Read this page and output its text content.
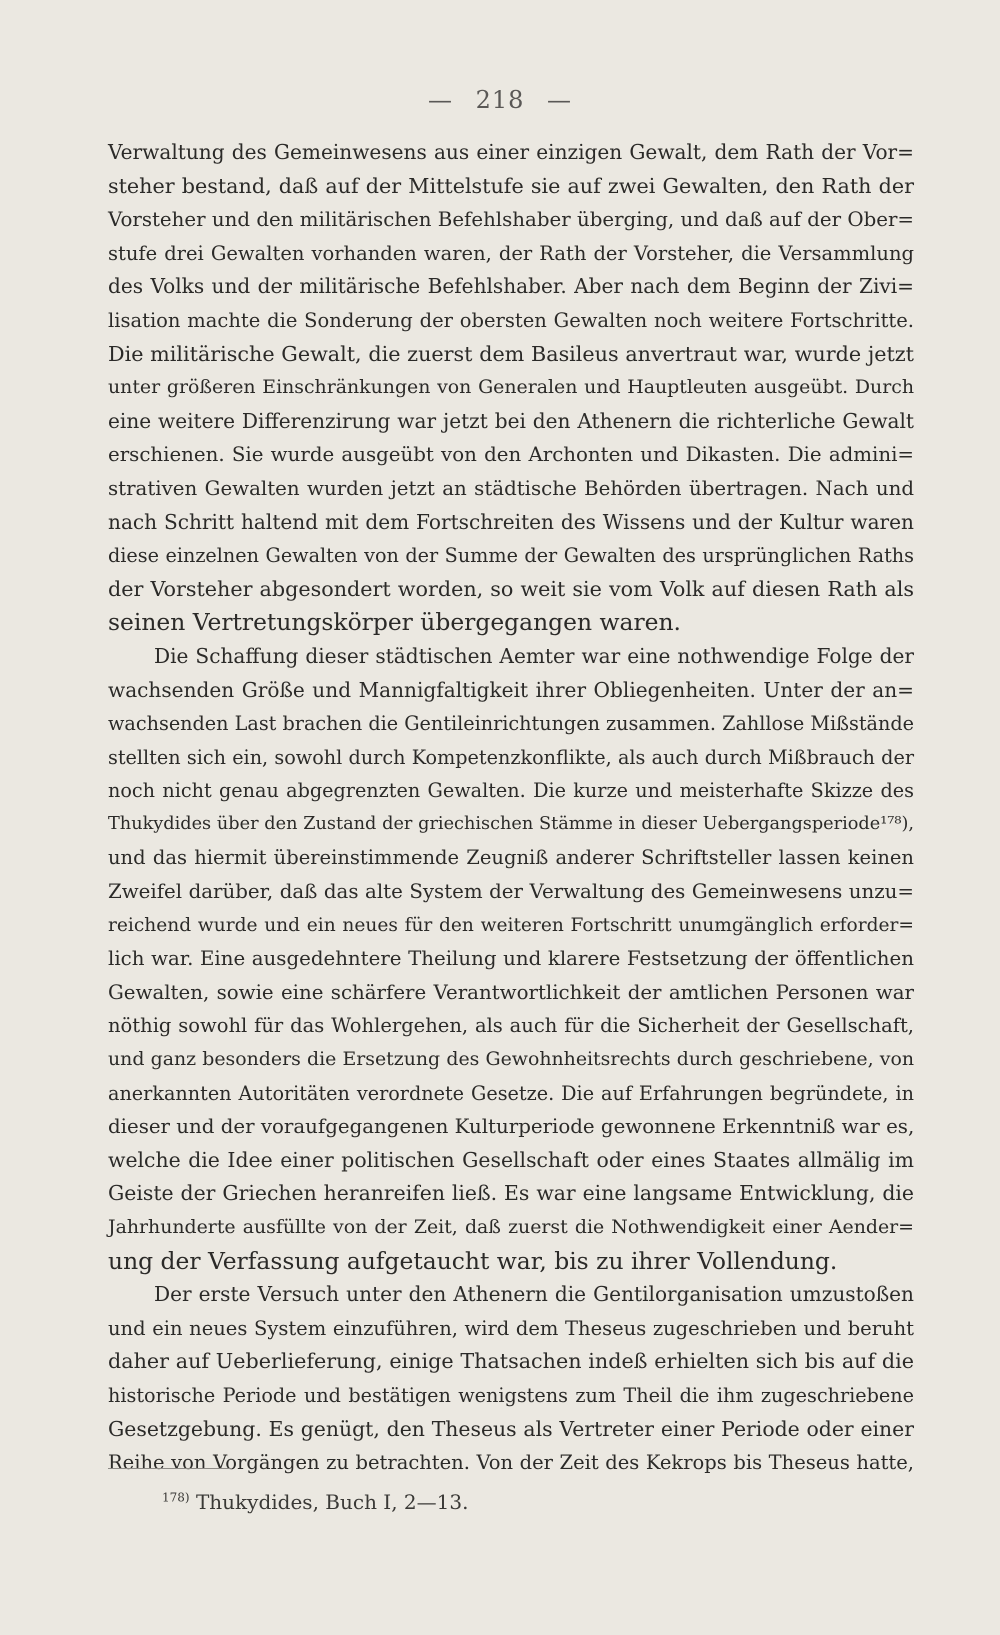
— 218 —
Verwaltung des Gemeinwesens aus einer einzigen Gewalt, dem Rath der Vor=
steher bestand, daß auf der Mittelstufe sie auf zwei Gewalten, den Rath der
Vorsteher und den militärischen Befehlshaber überging, und daß auf der Ober=
stufe drei Gewalten vorhanden waren, der Rath der Vorsteher, die Versammlung
des Volks und der militärische Befehlshaber. Aber nach dem Beginn der Zivi=
lisation machte die Sonderung der obersten Gewalten noch weitere Fortschritte.
Die militärische Gewalt, die zuerst dem Basileus anvertraut war, wurde jetzt
unter größeren Einschränkungen von Generalen und Hauptleuten ausgeübt. Durch
eine weitere Differenzirung war jetzt bei den Athenern die richterliche Gewalt
erschienen. Sie wurde ausgeübt von den Archonten und Dikasten. Die admini=
strativen Gewalten wurden jetzt an städtische Behörden übertragen. Nach und
nach Schritt haltend mit dem Fortschreiten des Wissens und der Kultur waren
diese einzelnen Gewalten von der Summe der Gewalten des ursprünglichen Raths
der Vorsteher abgesondert worden, so weit sie vom Volk auf diesen Rath als
seinen Vertretungskörper übergegangen waren.
Die Schaffung dieser städtischen Aemter war eine nothwendige Folge der
wachsenden Größe und Mannigfaltigkeit ihrer Obliegenheiten. Unter der an=
wachsenden Last brachen die Gentileinrichtungen zusammen. Zahllose Mißstände
stellten sich ein, sowohl durch Kompetenzkonflikte, als auch durch Mißbrauch der
noch nicht genau abgegrenzten Gewalten. Die kurze und meisterhafte Skizze des
Thukydides über den Zustand der griechischen Stämme in dieser Uebergangsperiode¹⁷⁸),
und das hiermit übereinstimmende Zeugniß anderer Schriftsteller lassen keinen
Zweifel darüber, daß das alte System der Verwaltung des Gemeinwesens unzu=
reichend wurde und ein neues für den weiteren Fortschritt unumgänglich erforder=
lich war. Eine ausgedehntere Theilung und klarere Festsetzung der öffentlichen
Gewalten, sowie eine schärfere Verantwortlichkeit der amtlichen Personen war
nöthig sowohl für das Wohlergehen, als auch für die Sicherheit der Gesellschaft,
und ganz besonders die Ersetzung des Gewohnheitsrechts durch geschriebene, von
anerkannten Autoritäten verordnete Gesetze. Die auf Erfahrungen begründete, in
dieser und der voraufgegangenen Kulturperiode gewonnene Erkenntniß war es,
welche die Idee einer politischen Gesellschaft oder eines Staates allmälig im
Geiste der Griechen heranreifen ließ. Es war eine langsame Entwicklung, die
Jahrhunderte ausfüllte von der Zeit, daß zuerst die Nothwendigkeit einer Aender=
ung der Verfassung aufgetaucht war, bis zu ihrer Vollendung.
Der erste Versuch unter den Athenern die Gentilorganisation umzustoßen
und ein neues System einzuführen, wird dem Theseus zugeschrieben und beruht
daher auf Ueberlieferung, einige Thatsachen indeß erhielten sich bis auf die
historische Periode und bestätigen wenigstens zum Theil die ihm zugeschriebene
Gesetzgebung. Es genügt, den Theseus als Vertreter einer Periode oder einer
Reihe von Vorgängen zu betrachten. Von der Zeit des Kekrops bis Theseus hatte,
$^{178)}$ Thukydides, Buch I, 2—13.
